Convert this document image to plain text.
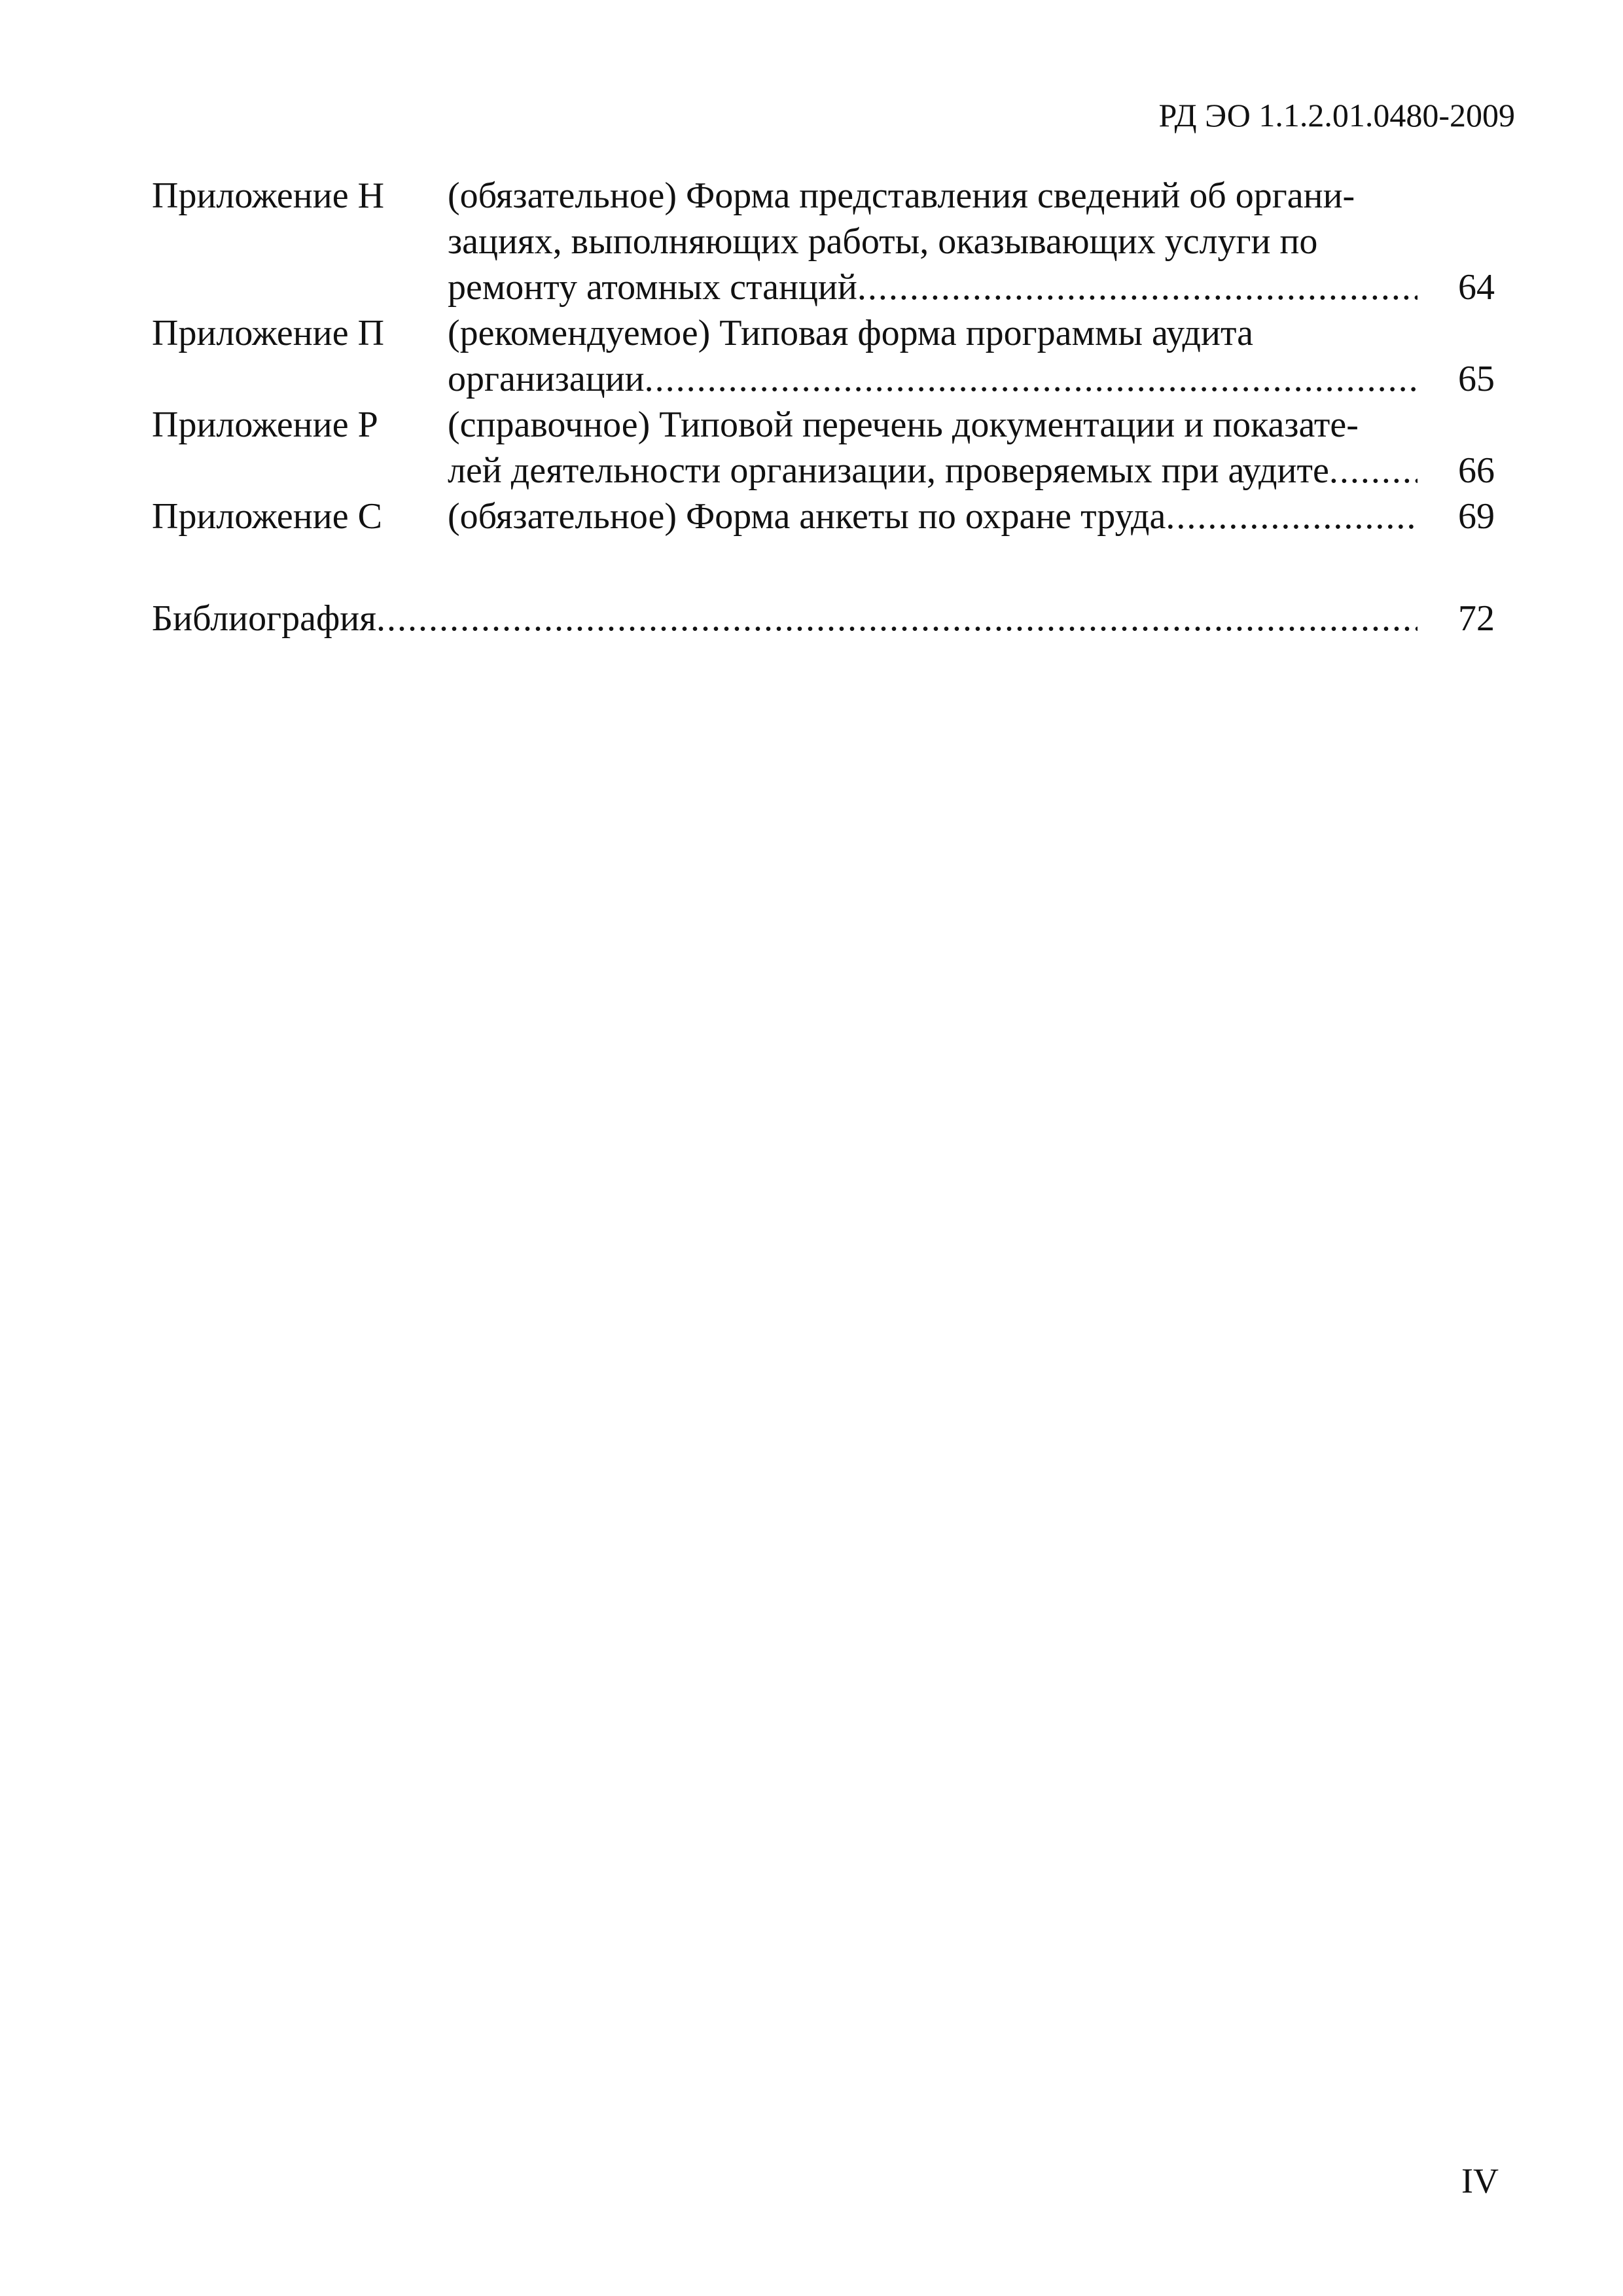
РД ЭО 1.1.2.01.0480-2009
Приложение Н	(обязательное) Форма представления сведений об органи-
зациях, выполняющих работы, оказывающих услуги по
ремонту атомных станций .....	64
Приложение П	(рекомендуемое) Типовая форма программы аудита
организации .....	65
Приложение Р	(справочное) Типовой перечень документации и показате-
лей деятельности организации, проверяемых при аудите .....	66
Приложение С	(обязательное) Форма анкеты по охране труда .....	69
Библиография .....	72
IV
